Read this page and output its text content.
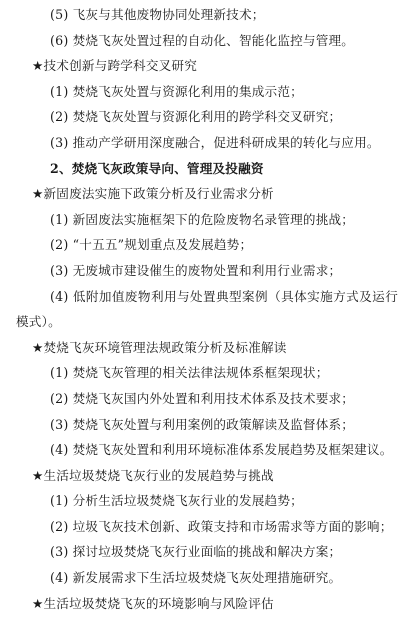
(5) 飞灰与其他废物协同处理新技术；
(6) 焚烧飞灰处置过程的自动化、智能化监控与管理。
★技术创新与跨学科交叉研究
(1) 焚烧飞灰处置与资源化利用的集成示范；
(2) 焚烧飞灰处置与资源化利用的跨学科交叉研究；
(3) 推动产学研用深度融合，促进科研成果的转化与应用。
2、焚烧飞灰政策导向、管理及投融资
★新固废法实施下政策分析及行业需求分析
(1) 新固废法实施框架下的危险废物名录管理的挑战；
(2) “十五五”规划重点及发展趋势；
(3) 无废城市建设催生的废物处置和利用行业需求；
(4) 低附加值废物利用与处置典型案例（具体实施方式及运行模式）。
★焚烧飞灰环境管理法规政策分析及标准解读
(1) 焚烧飞灰管理的相关法律法规体系框架现状；
(2) 焚烧飞灰国内外处置和利用技术体系及技术要求；
(3) 焚烧飞灰处置与利用案例的政策解读及监督体系；
(4) 焚烧飞灰处置和利用环境标准体系发展趋势及框架建议。
★生活垃圾焚烧飞灰行业的发展趋势与挑战
(1) 分析生活垃圾焚烧飞灰行业的发展趋势；
(2) 垃圾飞灰技术创新、政策支持和市场需求等方面的影响；
(3) 探讨垃圾焚烧飞灰行业面临的挑战和解决方案；
(4) 新发展需求下生活垃圾焚烧飞灰处理措施研究。
★生活垃圾焚烧飞灰的环境影响与风险评估
